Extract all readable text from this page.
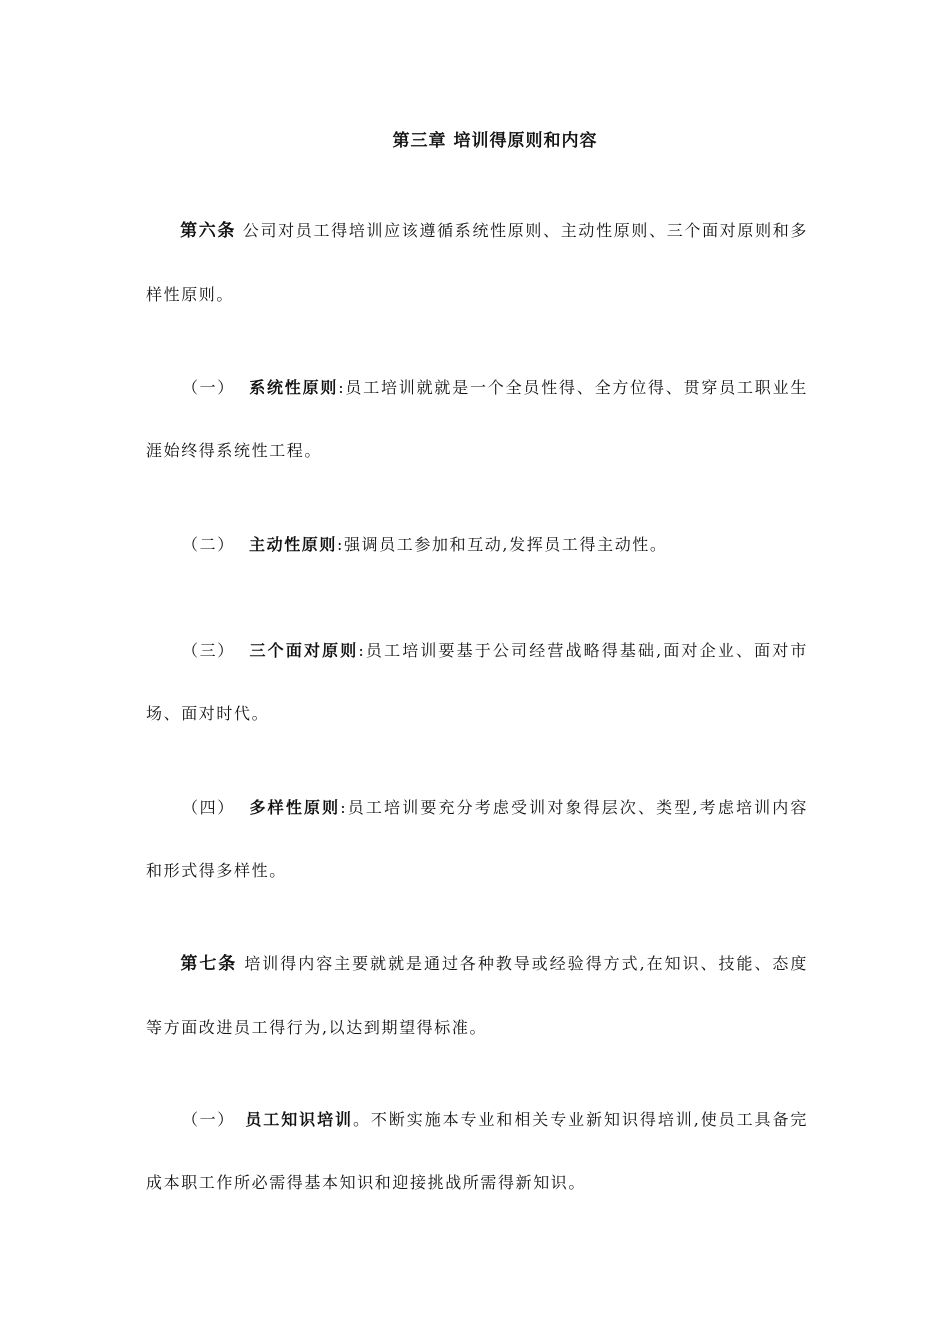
第三章 培训得原则和内容
第六条 公司对员工得培训应该遵循系统性原则、主动性原则、三个面对原则和多样性原则。
（一） 系统性原则:员工培训就就是一个全员性得、全方位得、贯穿员工职业生涯始终得系统性工程。
（二） 主动性原则:强调员工参加和互动,发挥员工得主动性。
（三） 三个面对原则:员工培训要基于公司经营战略得基础,面对企业、面对市场、面对时代。
（四） 多样性原则:员工培训要充分考虑受训对象得层次、类型,考虑培训内容和形式得多样性。
第七条 培训得内容主要就就是通过各种教导或经验得方式,在知识、技能、态度等方面改进员工得行为,以达到期望得标准。
（一） 员工知识培训。不断实施本专业和相关专业新知识得培训,使员工具备完成本职工作所必需得基本知识和迎接挑战所需得新知识。
